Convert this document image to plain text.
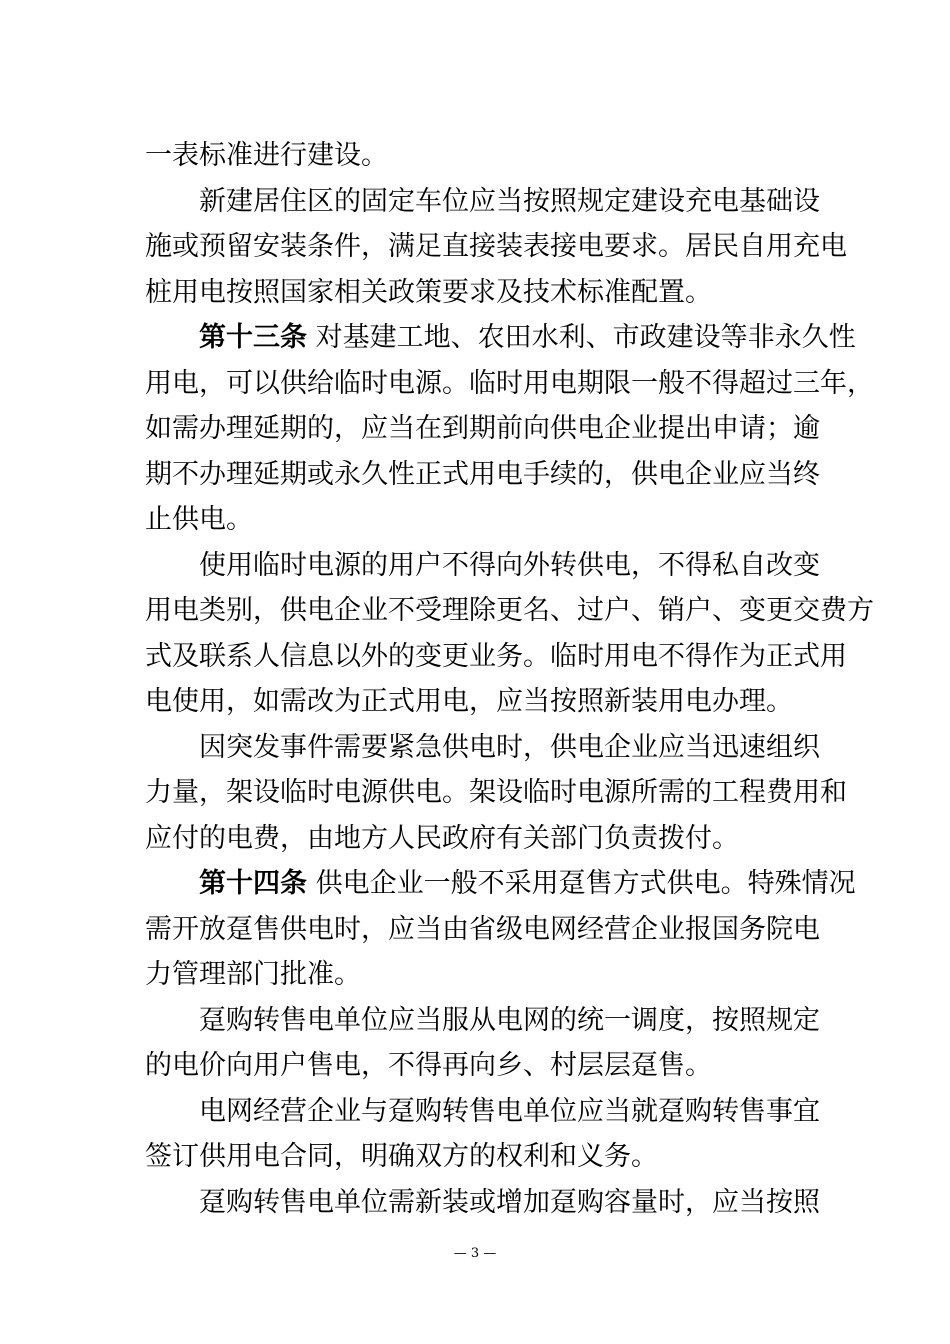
一表标准进行建设。
新建居住区的固定车位应当按照规定建设充电基础设
施或预留安装条件，满足直接装表接电要求。居民自用充电
桩用电按照国家相关政策要求及技术标准配置。
第十三条 对基建工地、农田水利、市政建设等非永久性
用电，可以供给临时电源。临时用电期限一般不得超过三年，
如需办理延期的，应当在到期前向供电企业提出申请；逾
期不办理延期或永久性正式用电手续的，供电企业应当终
止供电。
使用临时电源的用户不得向外转供电，不得私自改变
用电类别，供电企业不受理除更名、过户、销户、变更交费方
式及联系人信息以外的变更业务。临时用电不得作为正式用
电使用，如需改为正式用电，应当按照新装用电办理。
因突发事件需要紧急供电时，供电企业应当迅速组织
力量，架设临时电源供电。架设临时电源所需的工程费用和
应付的电费，由地方人民政府有关部门负责拨付。
第十四条 供电企业一般不采用趸售方式供电。特殊情况
需开放趸售供电时，应当由省级电网经营企业报国务院电
力管理部门批准。
趸购转售电单位应当服从电网的统一调度，按照规定
的电价向用户售电，不得再向乡、村层层趸售。
电网经营企业与趸购转售电单位应当就趸购转售事宜
签订供用电合同，明确双方的权利和义务。
趸购转售电单位需新装或增加趸购容量时，应当按照
— 3 —
